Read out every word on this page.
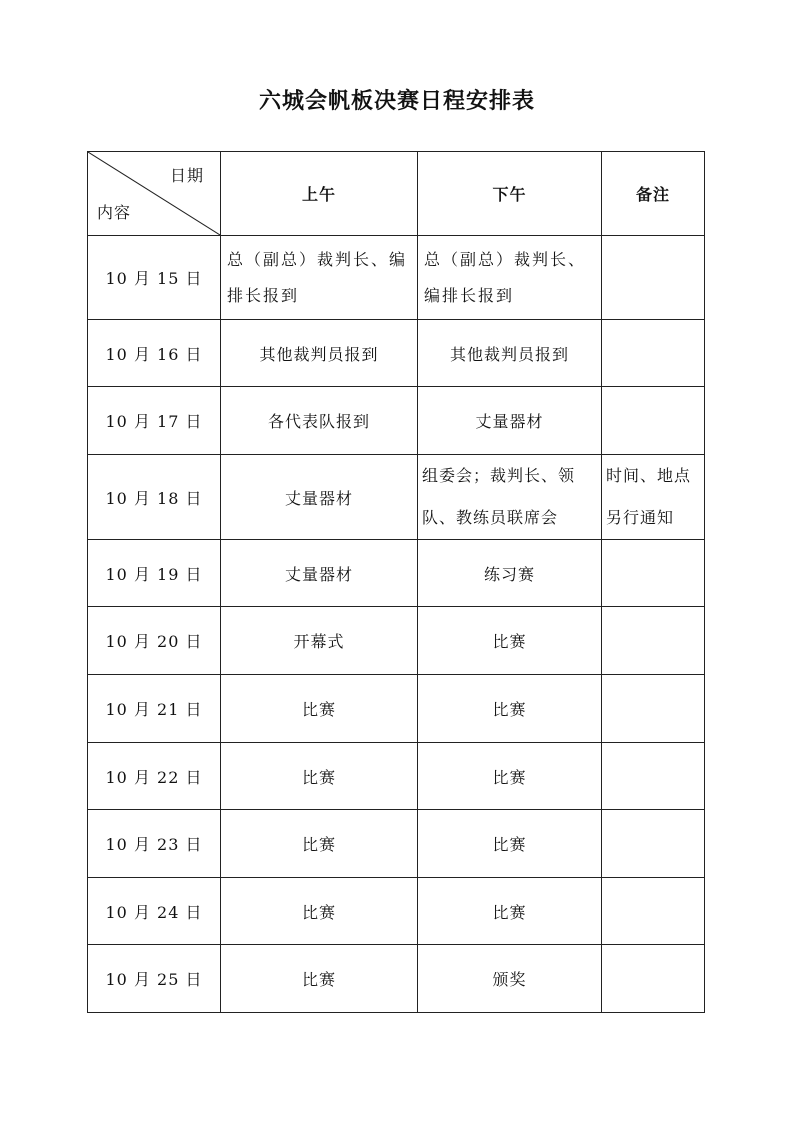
六城会帆板决赛日程安排表
日期
内容	上午	下午	备注
10 月 15 日	总（副总）裁判长、编排长报到	总（副总）裁判长、编排长报到	
10 月 16 日	其他裁判员报到	其他裁判员报到	
10 月 17 日	各代表队报到	丈量器材	
10 月 18 日	丈量器材	组委会；裁判长、领队、教练员联席会	时间、地点另行通知
10 月 19 日	丈量器材	练习赛	
10 月 20 日	开幕式	比赛	
10 月 21 日	比赛	比赛	
10 月 22 日	比赛	比赛	
10 月 23 日	比赛	比赛	
10 月 24 日	比赛	比赛	
10 月 25 日	比赛	颁奖	
